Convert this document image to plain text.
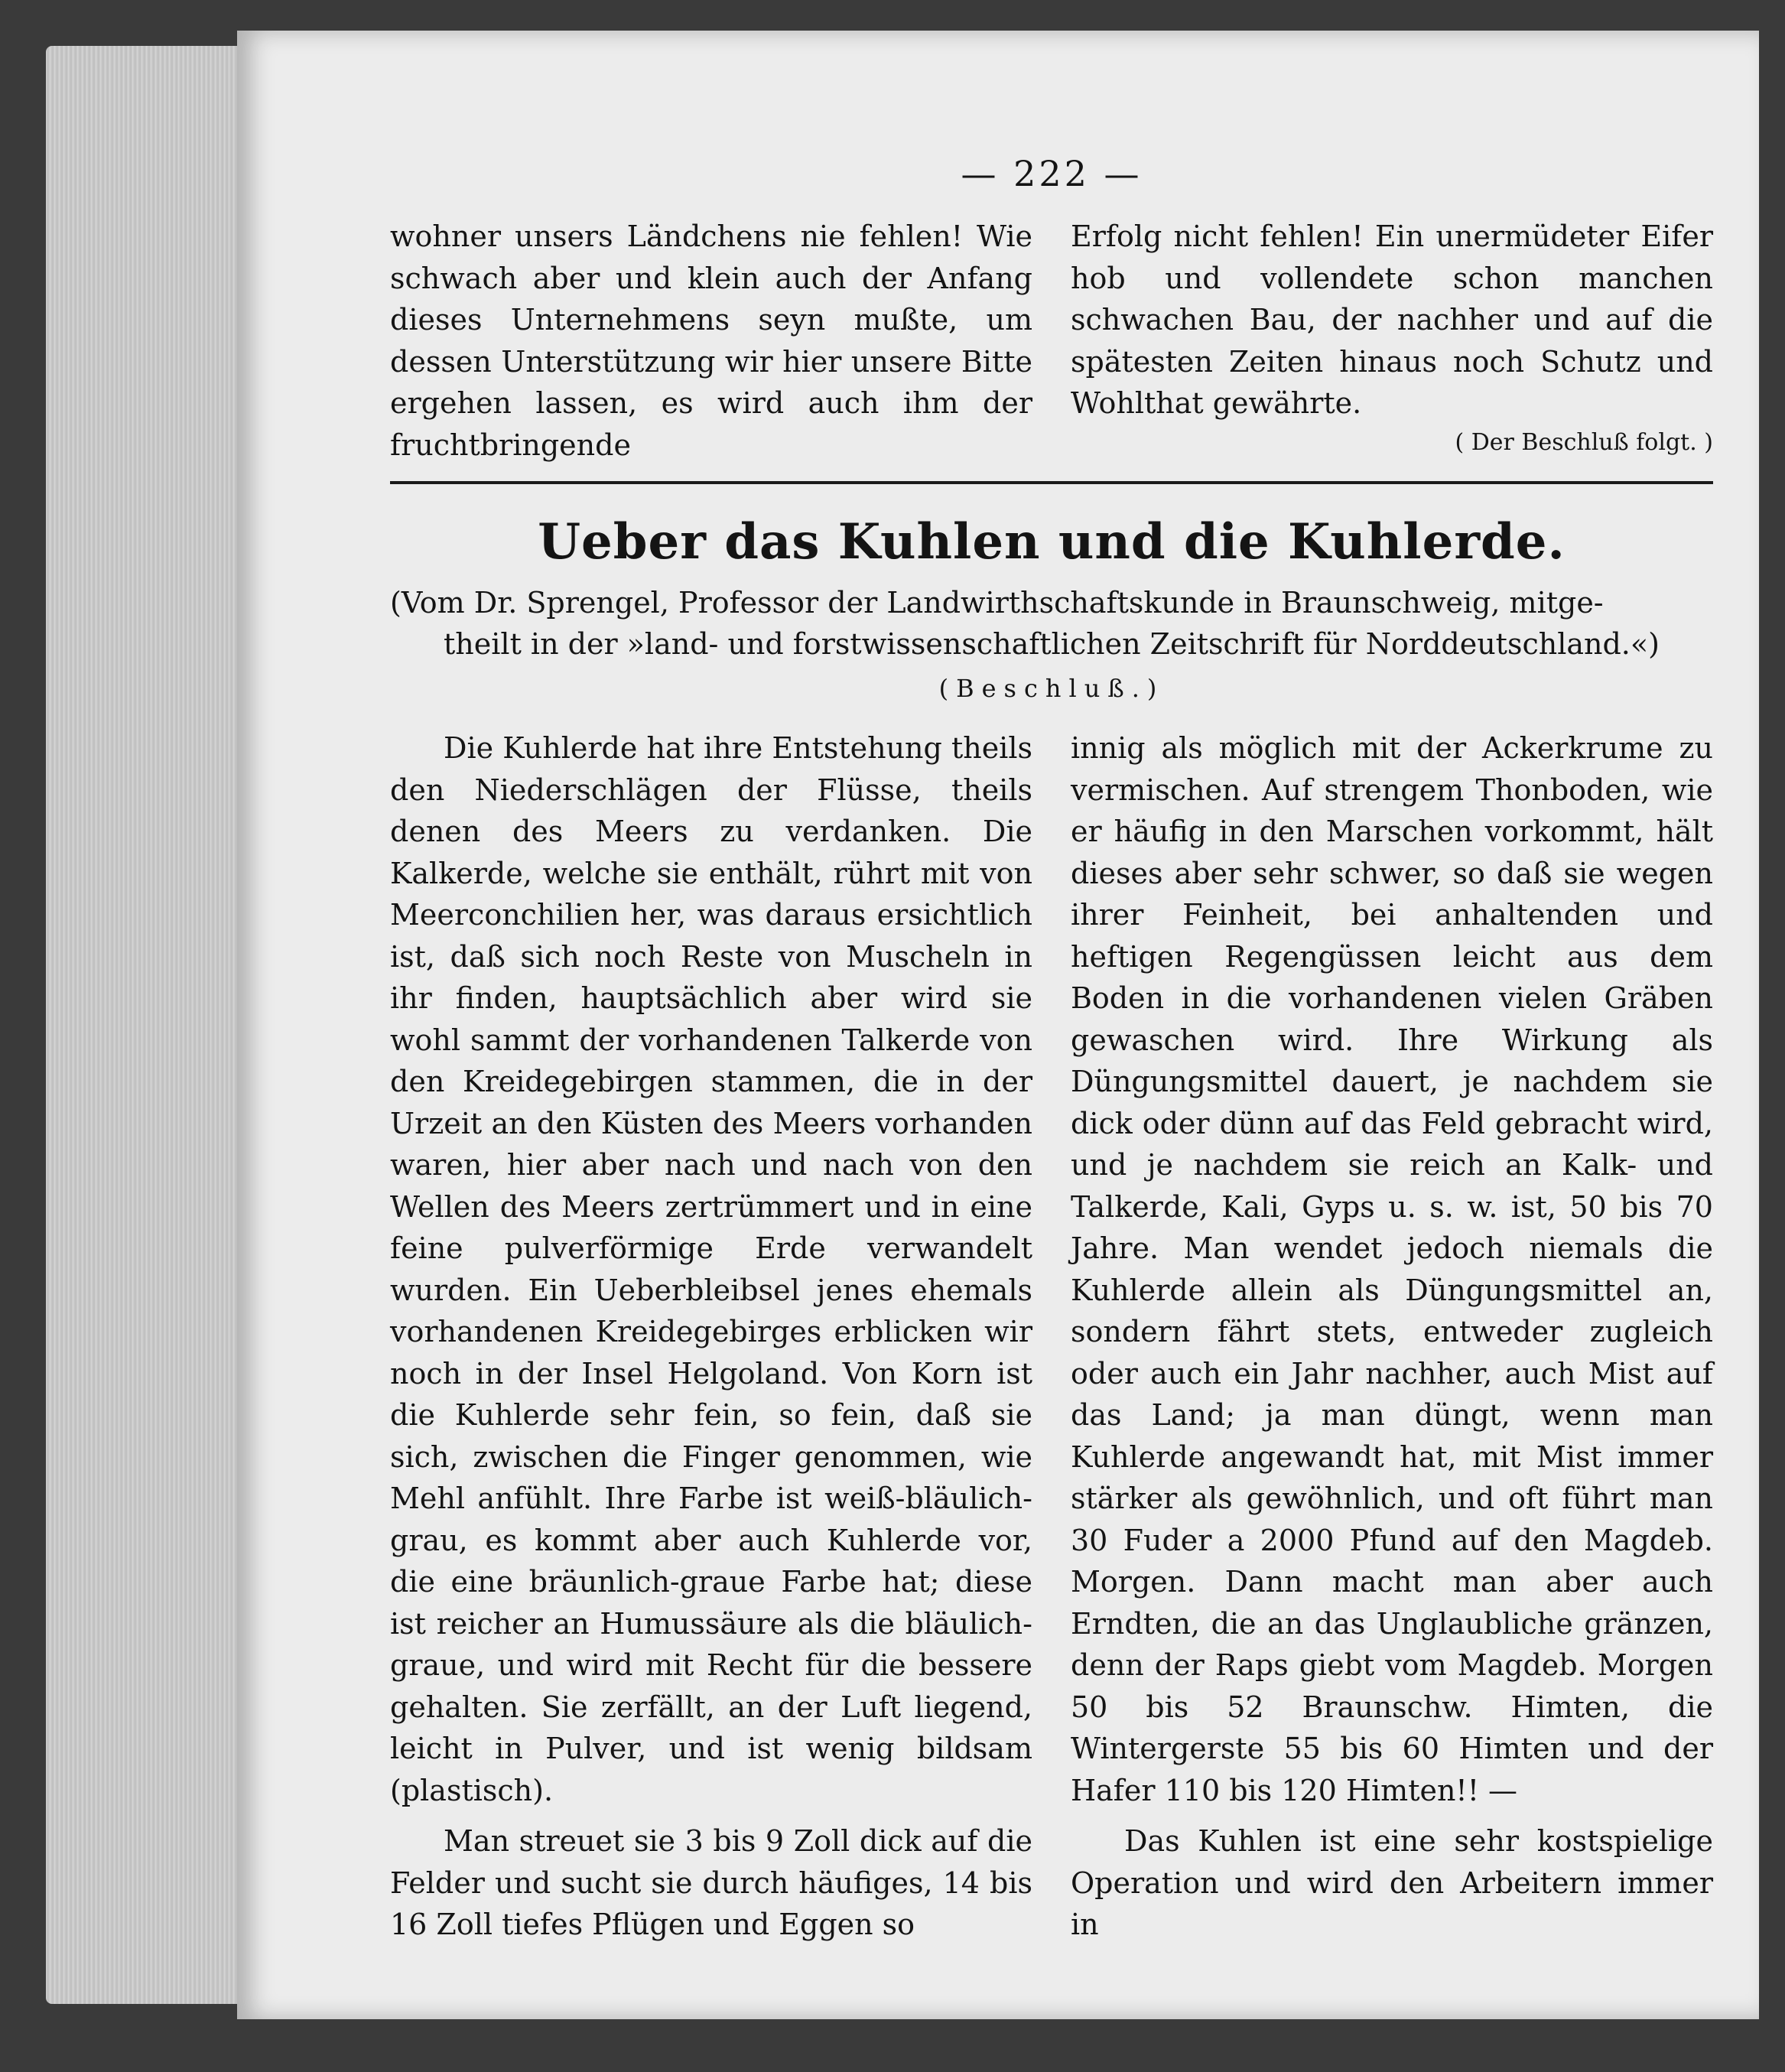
— 222 —

wohner unsers Ländchens nie fehlen! Wie schwach aber und klein auch der Anfang dieses Unternehmens seyn mußte, um dessen Unterstützung wir hier unsere Bitte ergehen lassen, es wird auch ihm der fruchtbringende

Erfolg nicht fehlen! Ein unermüdeter Eifer hob und vollendete schon manchen schwachen Bau, der nachher und auf die spätesten Zeiten hinaus noch Schutz und Wohlthat gewährte.

( Der Beschluß folgt. )

Ueber das Kuhlen und die Kuhlerde.

(Vom Dr. Sprengel, Professor der Landwirthschaftskunde in Braunschweig, mitge-

theilt in der »land- und forstwissenschaftlichen Zeitschrift für Norddeutschland.«)

(Beschluß.)

Die Kuhlerde hat ihre Entstehung theils den Niederschlägen der Flüsse, theils denen des Meers zu verdanken. Die Kalkerde, welche sie enthält, rührt mit von Meerconchilien her, was daraus ersichtlich ist, daß sich noch Reste von Muscheln in ihr finden, hauptsächlich aber wird sie wohl sammt der vorhandenen Talkerde von den Kreidegebirgen stammen, die in der Urzeit an den Küsten des Meers vorhanden waren, hier aber nach und nach von den Wellen des Meers zertrümmert und in eine feine pulverförmige Erde verwandelt wurden. Ein Ueberbleibsel jenes ehemals vorhandenen Kreidegebirges erblicken wir noch in der Insel Helgoland. Von Korn ist die Kuhlerde sehr fein, so fein, daß sie sich, zwischen die Finger genommen, wie Mehl anfühlt. Ihre Farbe ist weiß-bläulich-grau, es kommt aber auch Kuhlerde vor, die eine bräunlich-graue Farbe hat; diese ist reicher an Humussäure als die bläulich-graue, und wird mit Recht für die bessere gehalten. Sie zerfällt, an der Luft liegend, leicht in Pulver, und ist wenig bildsam (plastisch).

Man streuet sie 3 bis 9 Zoll dick auf die Felder und sucht sie durch häufiges, 14 bis 16 Zoll tiefes Pflügen und Eggen so

innig als möglich mit der Ackerkrume zu vermischen. Auf strengem Thonboden, wie er häufig in den Marschen vorkommt, hält dieses aber sehr schwer, so daß sie wegen ihrer Feinheit, bei anhaltenden und heftigen Regengüssen leicht aus dem Boden in die vorhandenen vielen Gräben gewaschen wird. Ihre Wirkung als Düngungsmittel dauert, je nachdem sie dick oder dünn auf das Feld gebracht wird, und je nachdem sie reich an Kalk- und Talkerde, Kali, Gyps u. s. w. ist, 50 bis 70 Jahre. Man wendet jedoch niemals die Kuhlerde allein als Düngungsmittel an, sondern fährt stets, entweder zugleich oder auch ein Jahr nachher, auch Mist auf das Land; ja man düngt, wenn man Kuhlerde angewandt hat, mit Mist immer stärker als gewöhnlich, und oft führt man 30 Fuder a 2000 Pfund auf den Magdeb. Morgen. Dann macht man aber auch Erndten, die an das Unglaubliche gränzen, denn der Raps giebt vom Magdeb. Morgen 50 bis 52 Braunschw. Himten, die Wintergerste 55 bis 60 Himten und der Hafer 110 bis 120 Himten!! —

Das Kuhlen ist eine sehr kostspielige Operation und wird den Arbeitern immer in
